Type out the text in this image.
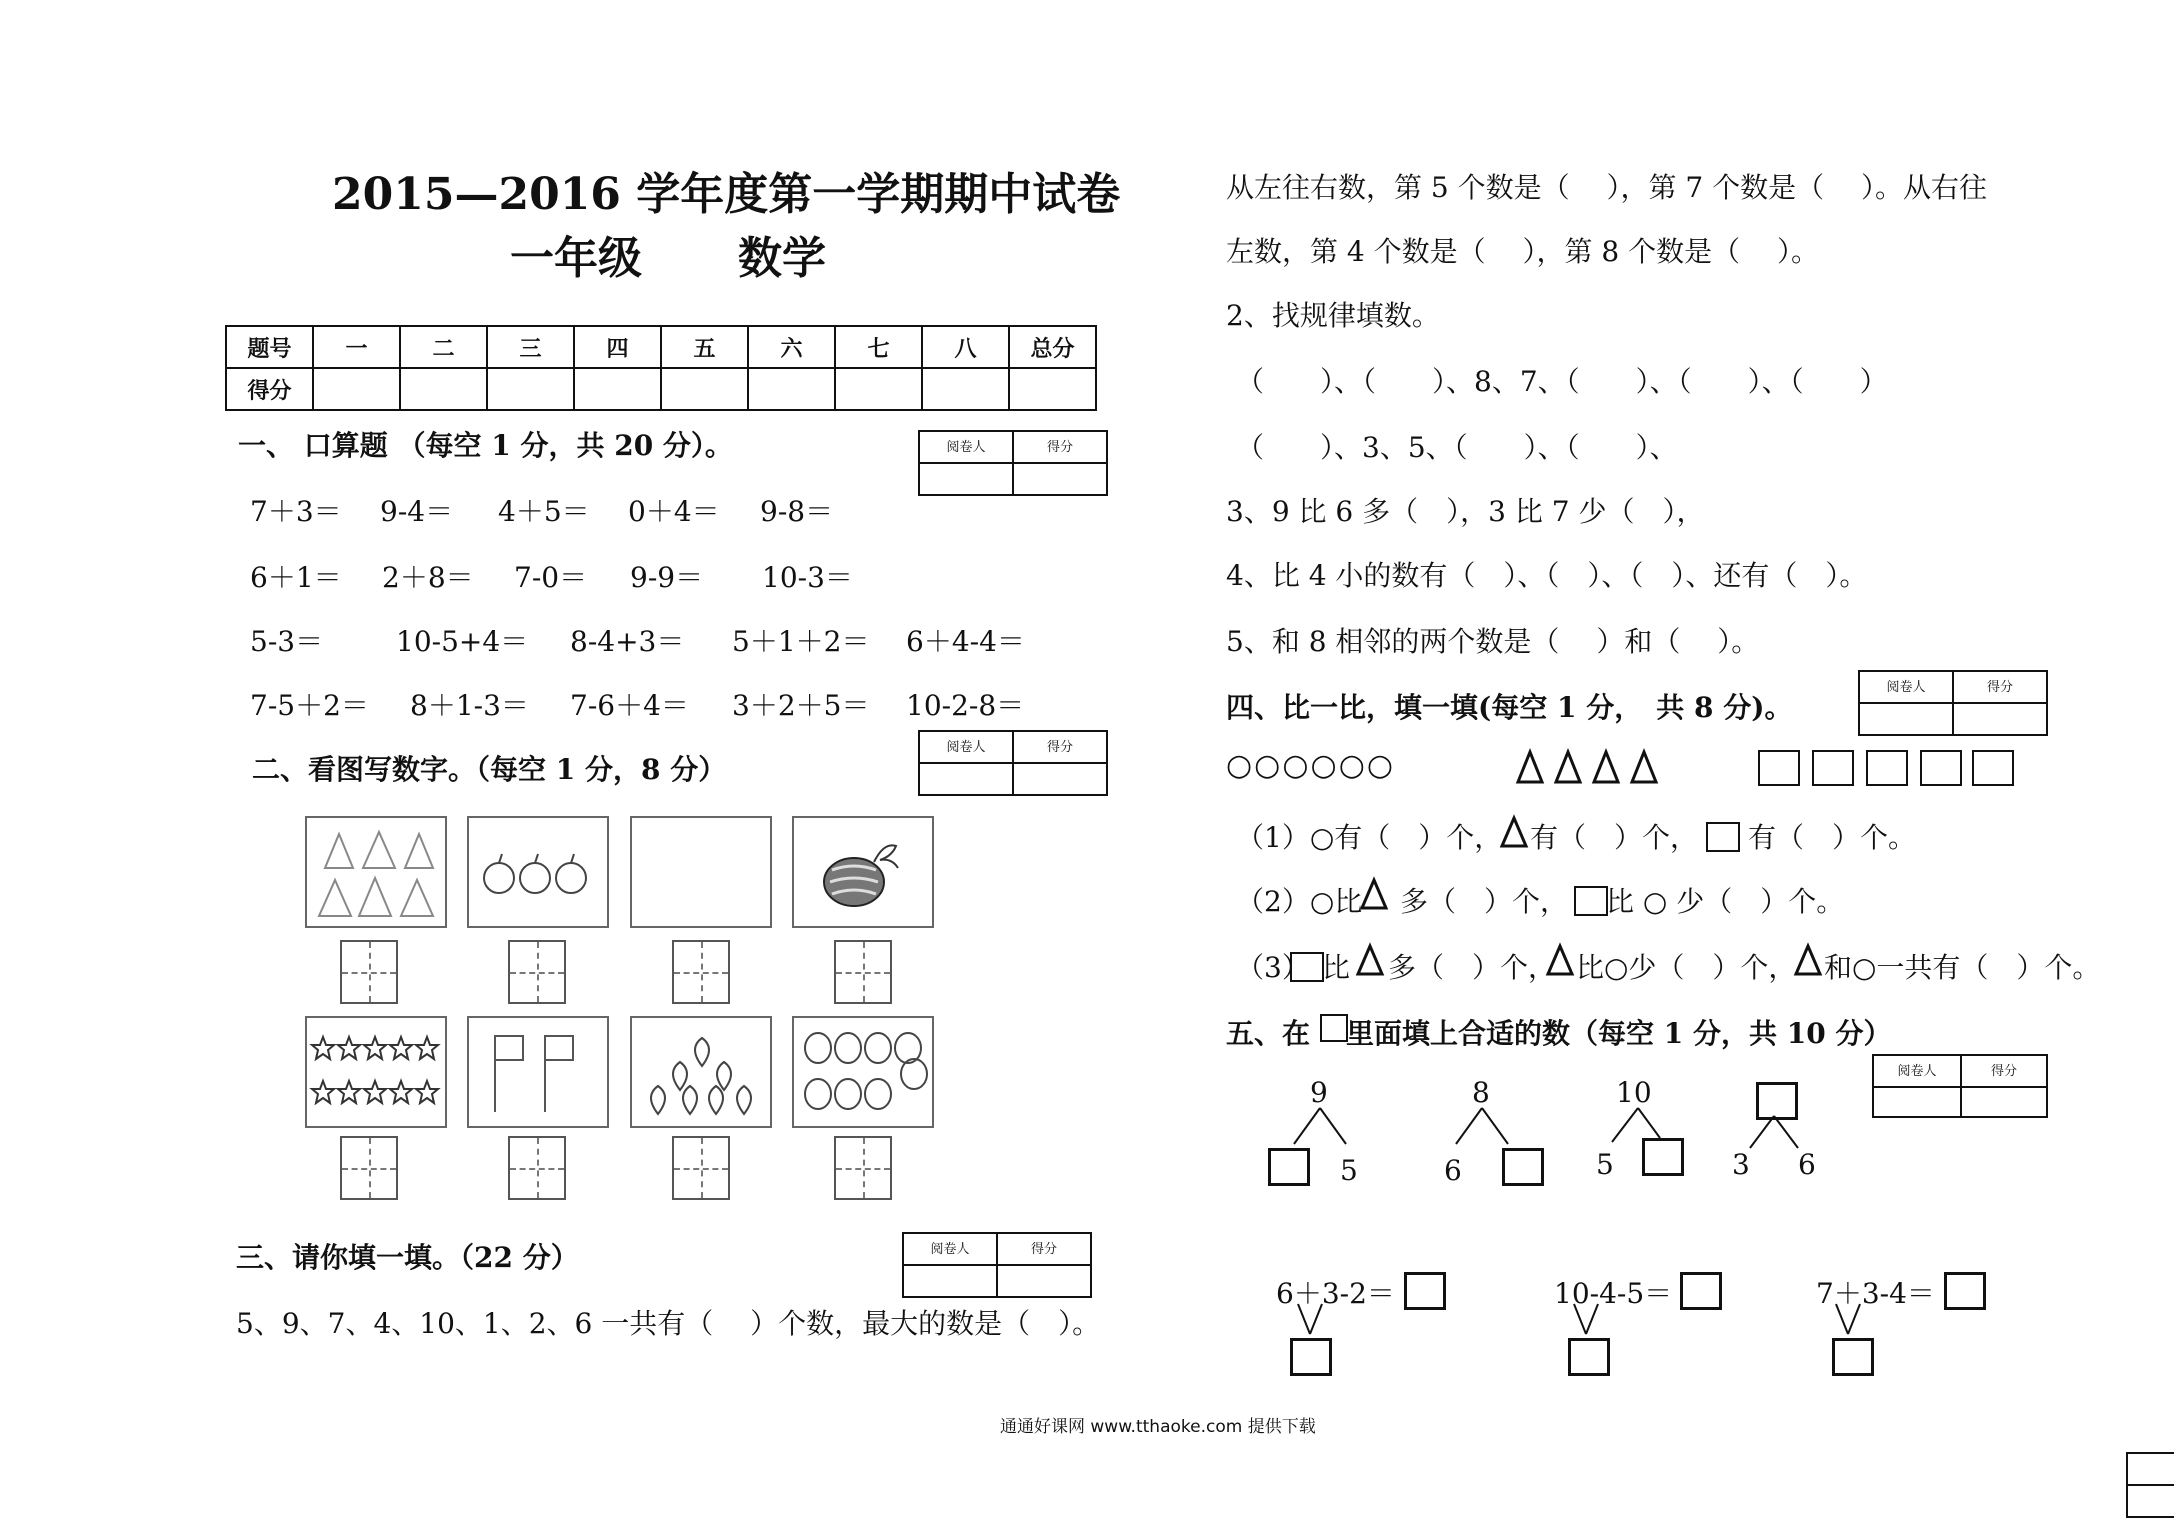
2015—2016 学年度第一学期期中试卷
一年级 数学
题号	一	二	三	四	五	六	七	八	总分
得分									
一、 口算题 （每空 1 分，共 20 分）。	阅卷人	得分
7＋3＝ 9-4＝ 4＋5＝ 0＋4＝ 9-8＝
6＋1＝ 2＋8＝ 7-0＝ 9-9＝ 10-3＝
5-3＝	10-5+4＝ 8-4+3＝ 5＋1＋2＝ 6＋4-4＝
7-5＋2＝ 8＋1-3＝ 7-6＋4＝ 3＋2＋5＝ 10-2-8＝
二、看图写数字。（每空 1 分，8 分）
阅卷人	得分
三、请你填一填。（22 分）	阅卷人	得分
5、9、7、4、10、1、2、6 一共有（　 ）个数，最大的数是（　）。
从左往右数，第 5 个数是（　 ），第 7 个数是（　 ）。从右往
左数，第 4 个数是（　 ），第 8 个数是（　 ）。
2、找规律填数。
（　　）、（　　）、8、7、（　　）、（　　）、（　　）
（　　）、3、5、（　　）、（　　）、
3、9 比 6 多（　），3 比 7 少（　），
4、比 4 小的数有（　）、（　）、（　）、还有（　）。
5、和 8 相邻的两个数是（　 ）和（　 ）。
四、比一比，填一填(每空 1 分，　共 8 分)。
阅卷人	得分
○○○○○○
（1）○有（　）个， 有（　）个， 有（　）个。
（2）○比 多（　）个， 比 ○ 少（　）个。
（3） 比 多（　）个， 比○少（　）个， 和○一共有（　）个。
五、在 里面填上合适的数（每空 1 分，共 10 分）
阅卷人	得分
9
5
8
6
10
5	3 6
6＋3-2＝	10-4-5＝	7＋3-4＝
通通好课网 www.tthaoke.com 提供下载
